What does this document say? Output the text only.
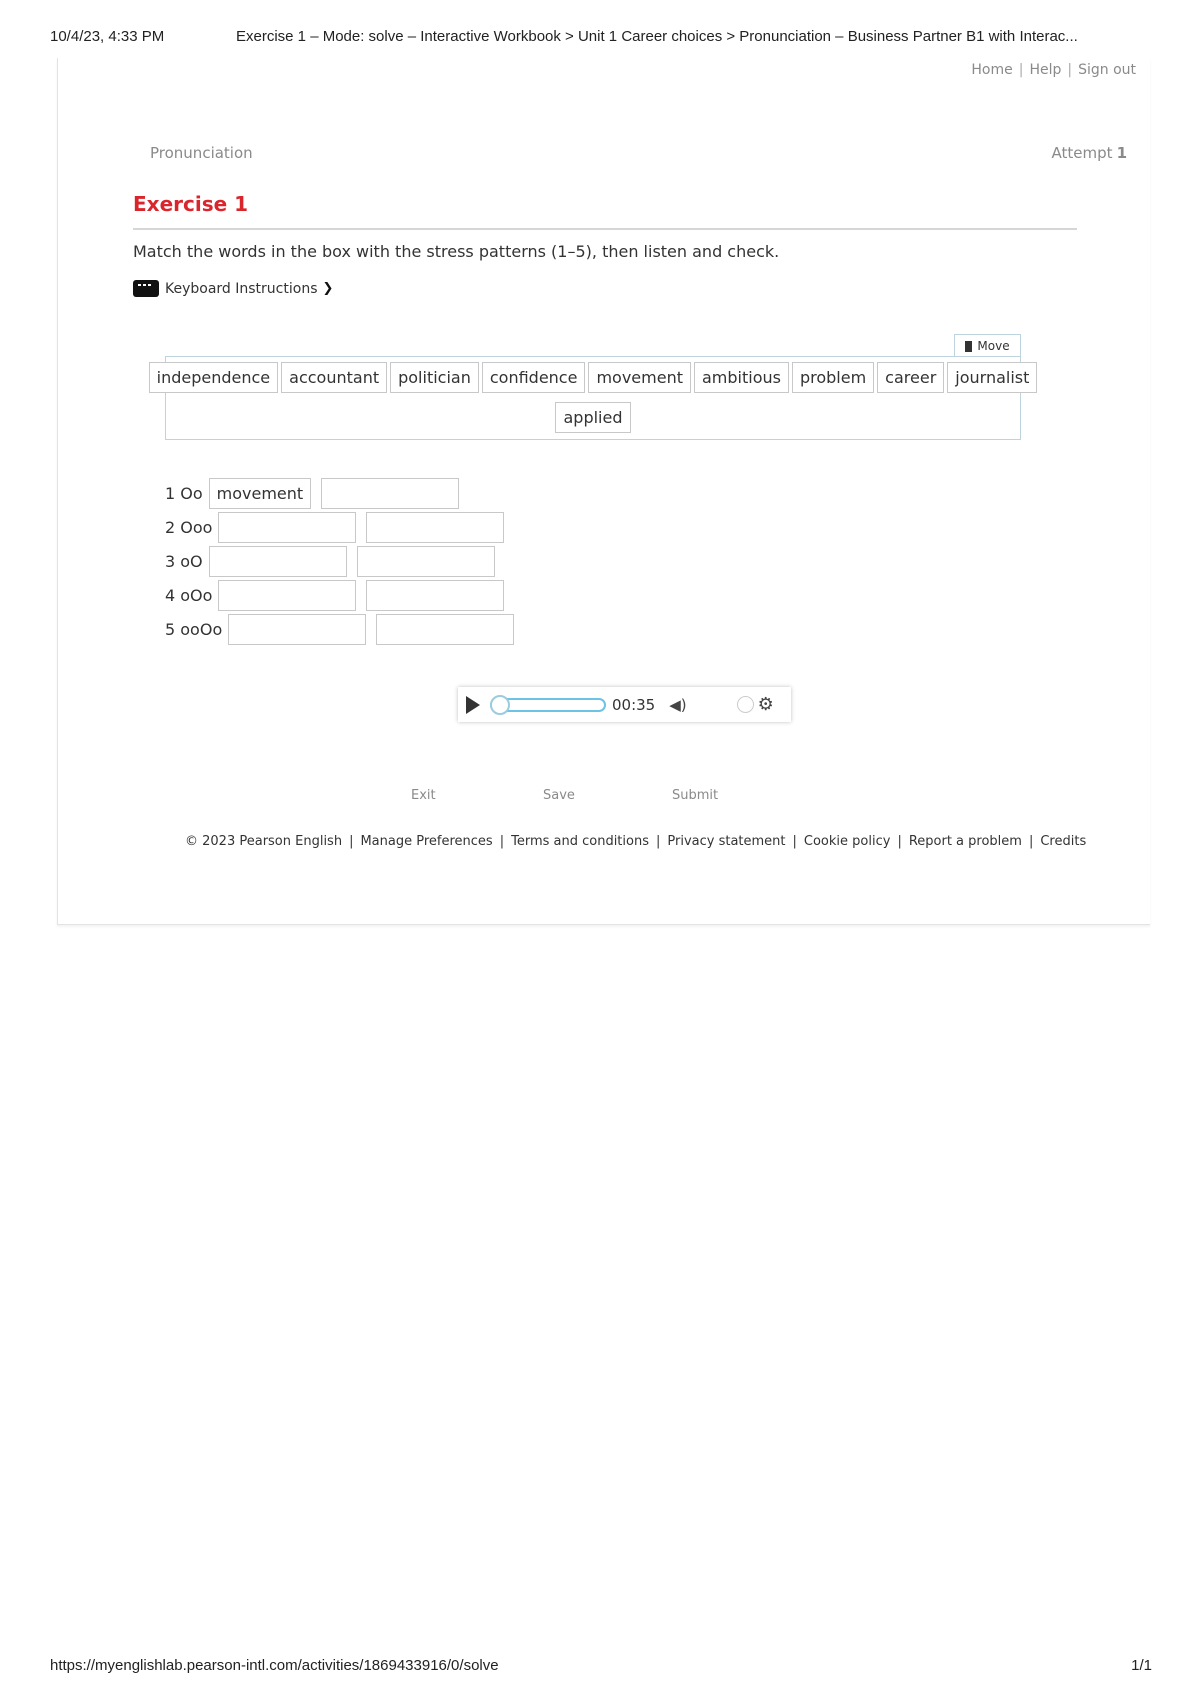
10/4/23, 4:33 PM	Exercise 1 – Mode: solve – Interactive Workbook > Unit 1 Career choices > Pronunciation – Business Partner B1 with Interac...
Home | Help | Sign out
Pronunciation	Attempt 1
Exercise 1
Match the words in the box with the stress patterns (1–5), then listen and check.
Keyboard Instructions ❯
Move
independence	accountant	politician	confidence	movement	ambitious	problem	career	journalist
applied
1 Oo movement
2 Ooo
3 oO
4 oOo
5 ooOo
00:35 ◀)	⚙
Exit	Save	Submit
© 2023 Pearson English | Manage Preferences | Terms and conditions | Privacy statement | Cookie policy | Report a problem | Credits
https://myenglishlab.pearson-intl.com/activities/1869433916/0/solve	1/1
